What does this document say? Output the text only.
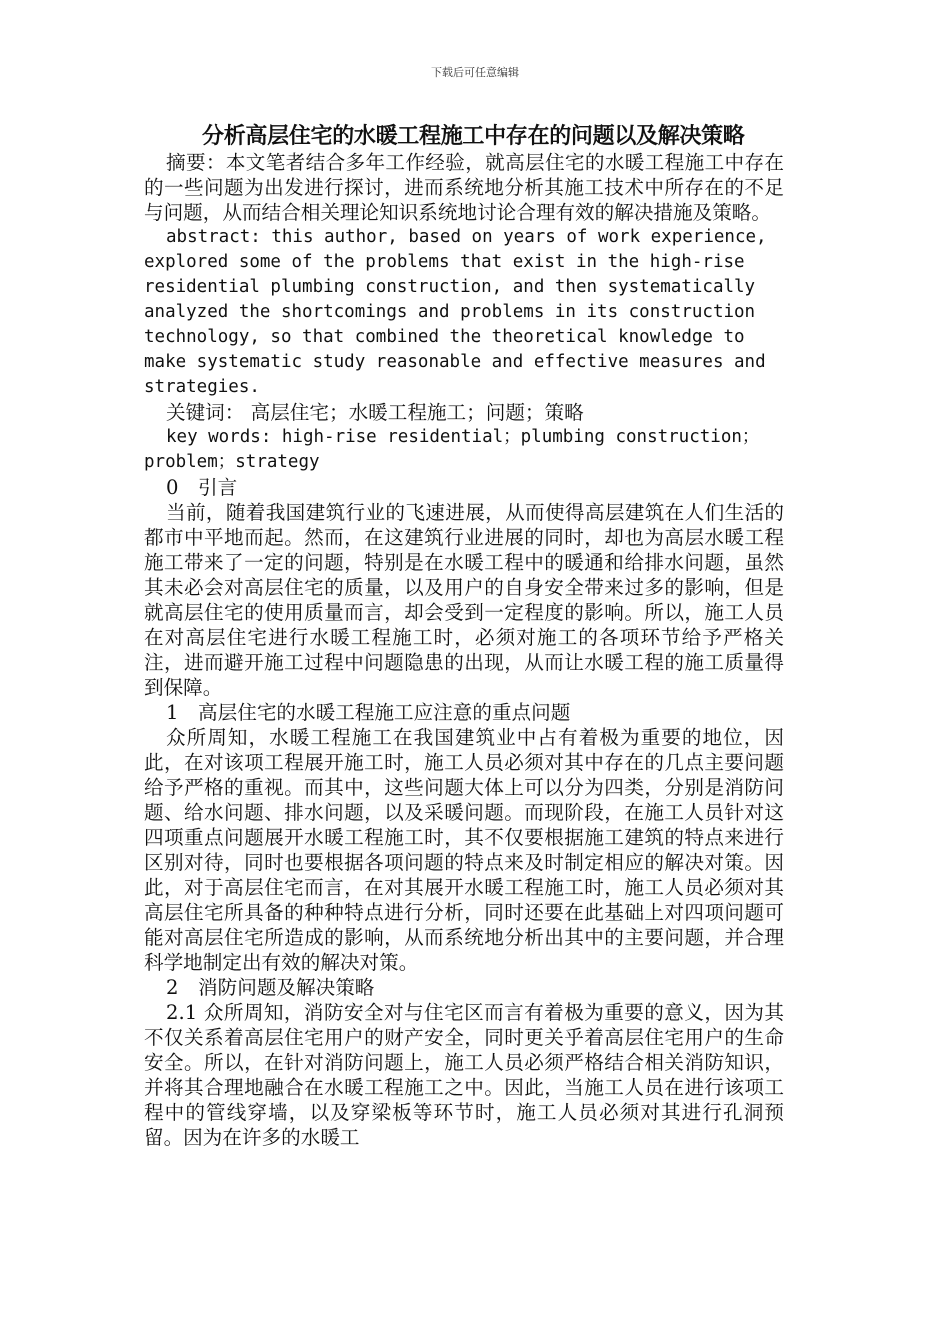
下载后可任意编辑
分析高层住宅的水暖工程施工中存在的问题以及解决策略

摘要：本文笔者结合多年工作经验，就高层住宅的水暖工程施工中存在的一些问题为出发进行探讨，进而系统地分析其施工技术中所存在的不足与问题，从而结合相关理论知识系统地讨论合理有效的解决措施及策略。

abstract: this author, based on years of work experience, explored some of the problems that exist in the high-rise residential plumbing construction, and then systematically analyzed the shortcomings and problems in its construction technology, so that combined the theoretical knowledge to make systematic study reasonable and effective measures and strategies.

关键词： 高层住宅；水暖工程施工；问题；策略

key words: high-rise residential；plumbing construction；problem；strategy

0　引言

当前，随着我国建筑行业的飞速进展，从而使得高层建筑在人们生活的都市中平地而起。然而，在这建筑行业进展的同时，却也为高层水暖工程施工带来了一定的问题，特别是在水暖工程中的暖通和给排水问题，虽然其未必会对高层住宅的质量，以及用户的自身安全带来过多的影响，但是就高层住宅的使用质量而言，却会受到一定程度的影响。所以，施工人员在对高层住宅进行水暖工程施工时，必须对施工的各项环节给予严格关注，进而避开施工过程中问题隐患的出现，从而让水暖工程的施工质量得到保障。

1　高层住宅的水暖工程施工应注意的重点问题

众所周知，水暖工程施工在我国建筑业中占有着极为重要的地位，因此，在对该项工程展开施工时，施工人员必须对其中存在的几点主要问题给予严格的重视。而其中，这些问题大体上可以分为四类，分别是消防问题、给水问题、排水问题，以及采暖问题。而现阶段，在施工人员针对这四项重点问题展开水暖工程施工时，其不仅要根据施工建筑的特点来进行区别对待，同时也要根据各项问题的特点来及时制定相应的解决对策。因此，对于高层住宅而言，在对其展开水暖工程施工时，施工人员必须对其高层住宅所具备的种种特点进行分析，同时还要在此基础上对四项问题可能对高层住宅所造成的影响，从而系统地分析出其中的主要问题，并合理科学地制定出有效的解决对策。

2　消防问题及解决策略

2.1 众所周知，消防安全对与住宅区而言有着极为重要的意义，因为其不仅关系着高层住宅用户的财产安全，同时更关乎着高层住宅用户的生命安全。所以，在针对消防问题上，施工人员必须严格结合相关消防知识，并将其合理地融合在水暖工程施工之中。因此，当施工人员在进行该项工程中的管线穿墙，以及穿梁板等环节时，施工人员必须对其进行孔洞预留。因为在许多的水暖工
